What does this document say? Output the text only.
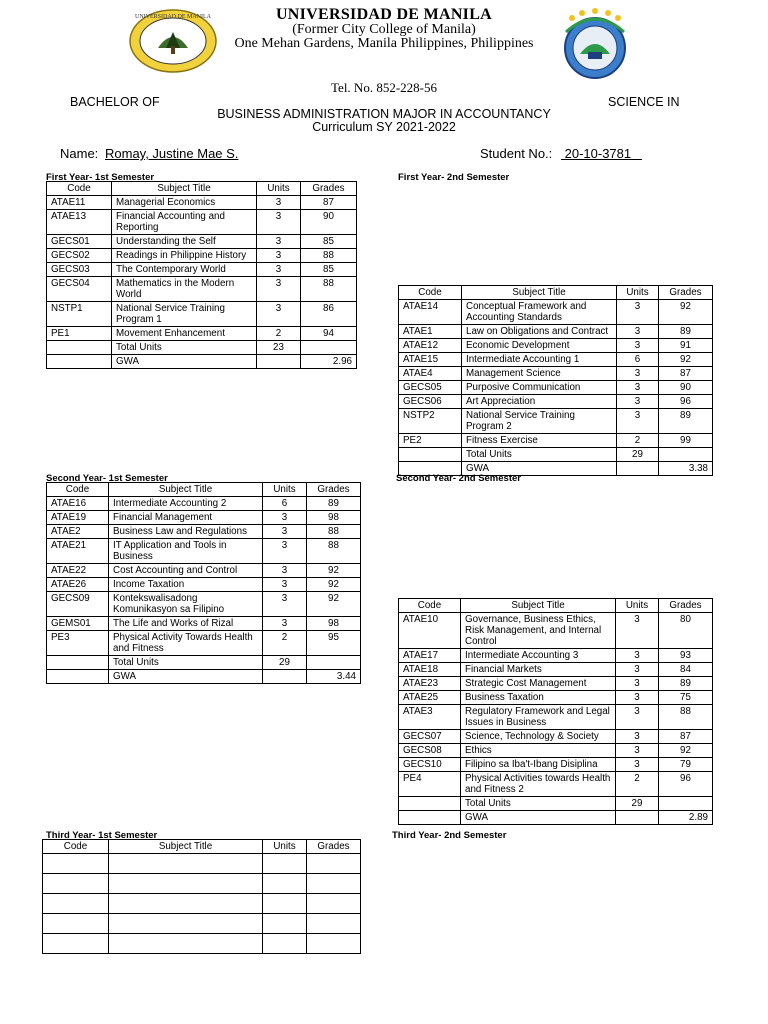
UNIVERSIDAD DE MANILA	UNIVERSIDAD DE MANILA
(Former City College of Manila)
One Mehan Gardens, Manila Philippines, Philippines
Tel. No. 852-228-56
BACHELOR OF	SCIENCE IN
BUSINESS ADMINISTRATION MAJOR IN ACCOUNTANCY
Curriculum SY 2021-2022
Name: Romay, Justine Mae S.	Student No.: 20-10-3781
First Year- 1st Semester	First Year- 2nd Semester
Second Year- 1st Semester	Second Year- 2nd Semester
Third Year- 1st Semester	Third Year- 2nd Semester
Code	Subject Title	Units	Grades
ATAE11	Managerial Economics	3	87
ATAE13	Financial Accounting and Reporting	3	90
GECS01	Understanding the Self	3	85
GECS02	Readings in Philippine History	3	88
GECS03	The Contemporary World	3	85
GECS04	Mathematics in the Modern World	3	88
NSTP1	National Service Training Program 1	3	86
PE1	Movement Enhancement	2	94
	Total Units	23	
	GWA		2.96
Code	Subject Title	Units	Grades
ATAE14	Conceptual Framework and Accounting Standards	3	92
ATAE1	Law on Obligations and Contract	3	89
ATAE12	Economic Development	3	91
ATAE15	Intermediate Accounting 1	6	92
ATAE4	Management Science	3	87
GECS05	Purposive Communication	3	90
GECS06	Art Appreciation	3	96
NSTP2	National Service Training Program 2	3	89
PE2	Fitness Exercise	2	99
	Total Units	29	
	GWA		3.38
Code	Subject Title	Units	Grades
ATAE16	Intermediate Accounting 2	6	89
ATAE19	Financial Management	3	98
ATAE2	Business Law and Regulations	3	88
ATAE21	IT Application and Tools in Business	3	88
ATAE22	Cost Accounting and Control	3	92
ATAE26	Income Taxation	3	92
GECS09	Kontekswalisadong Komunikasyon sa Filipino	3	92
GEMS01	The Life and Works of Rizal	3	98
PE3	Physical Activity Towards Health and Fitness	2	95
	Total Units	29	
	GWA		3.44
Code	Subject Title	Units	Grades
ATAE10	Governance, Business Ethics, Risk Management, and Internal Control	3	80
ATAE17	Intermediate Accounting 3	3	93
ATAE18	Financial Markets	3	84
ATAE23	Strategic Cost Management	3	89
ATAE25	Business Taxation	3	75
ATAE3	Regulatory Framework and Legal Issues in Business	3	88
GECS07	Science, Technology & Society	3	87
GECS08	Ethics	3	92
GECS10	Filipino sa Iba't-Ibang Disiplina	3	79
PE4	Physical Activities towards Health and Fitness 2	2	96
	Total Units	29	
	GWA		2.89
Code	Subject Title	Units	Grades
